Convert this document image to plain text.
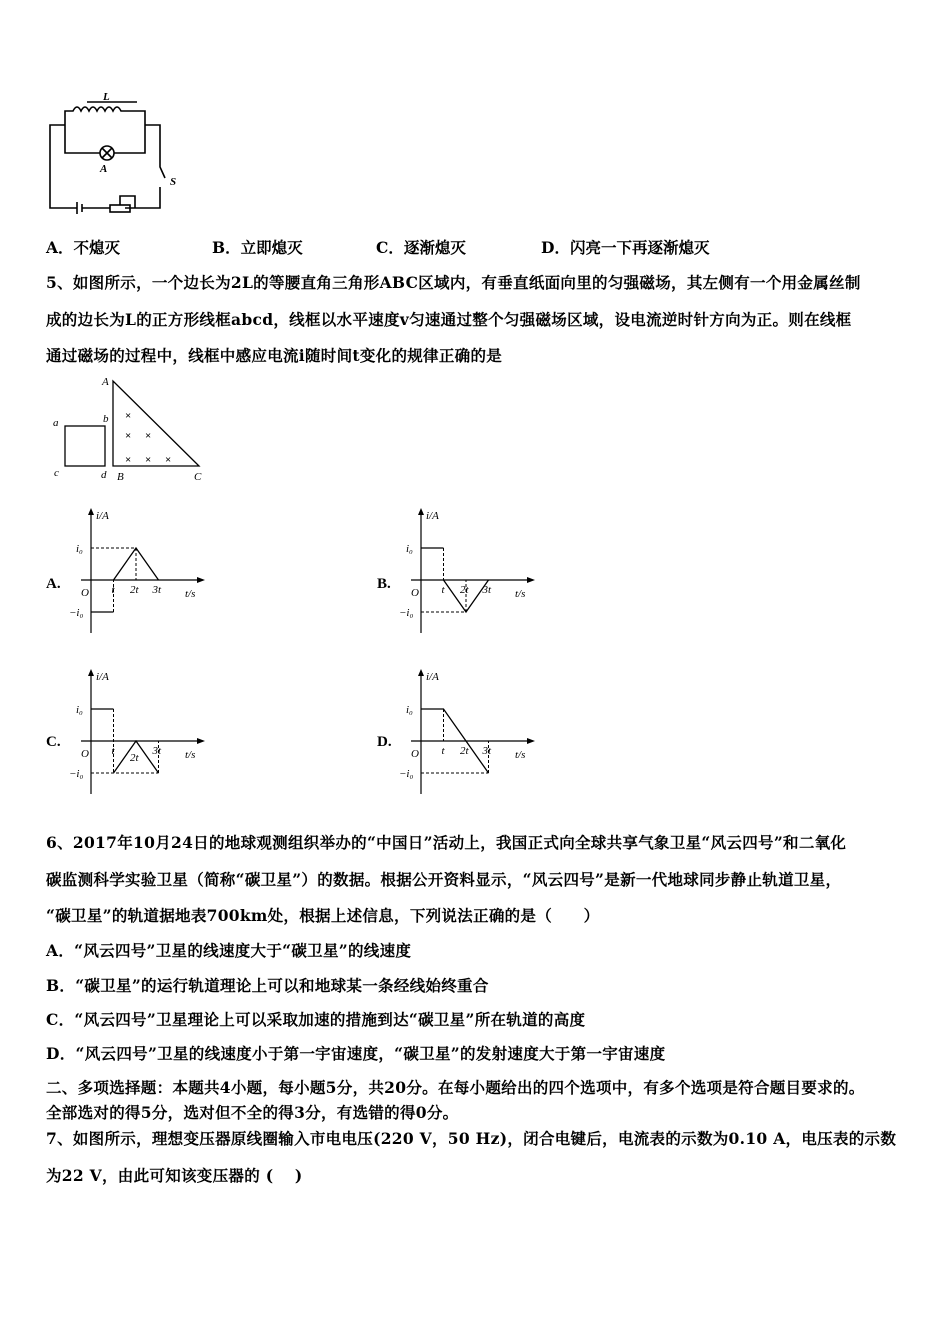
L
A
S
A．不熄灭	B．立即熄灭	C．逐渐熄灭	D．闪亮一下再逐渐熄灭
5、如图所示，一个边长为2L的等腰直角三角形ABC区域内，有垂直纸面向里的匀强磁场，其左侧有一个用金属丝制
成的边长为L的正方形线框abcd，线框以水平速度v匀速通过整个匀强磁场区域，设电流逆时针方向为正。则在线框
通过磁场的过程中，线框中感应电流i随时间t变化的规律正确的是
×
× ×
× × ×
A
B	C
a	b
c	d
A.	B.
C.	D.
i/A
t/s
O
i₀
−i₀
t 2t 3t
i/A
t/s
O
i₀
−i₀
t 2t 3t
i/A
t/s
O
i₀
−i₀
t
2t
3t
i/A
t/s
O
i₀
−i₀
t 2t 3t
6、2017年10月24日的地球观测组织举办的“中国日”活动上，我国正式向全球共享气象卫星“风云四号”和二氧化
碳监测科学实验卫星（简称“碳卫星”）的数据。根据公开资料显示，“风云四号”是新一代地球同步静止轨道卫星，
“碳卫星”的轨道据地表700km处，根据上述信息，下列说法正确的是（　　）
A．“风云四号”卫星的线速度大于“碳卫星”的线速度
B．“碳卫星”的运行轨道理论上可以和地球某一条经线始终重合
C．“风云四号”卫星理论上可以采取加速的措施到达“碳卫星”所在轨道的高度
D．“风云四号”卫星的线速度小于第一宇宙速度，“碳卫星”的发射速度大于第一宇宙速度
二、多项选择题：本题共4小题，每小题5分，共20分。在每小题给出的四个选项中，有多个选项是符合题目要求的。
全部选对的得5分，选对但不全的得3分，有选错的得0分。
7、如图所示，理想变压器原线圈输入市电电压(220 V，50 Hz)，闭合电键后，电流表的示数为0.10 A，电压表的示数
为22 V，由此可知该变压器的 (　 )
